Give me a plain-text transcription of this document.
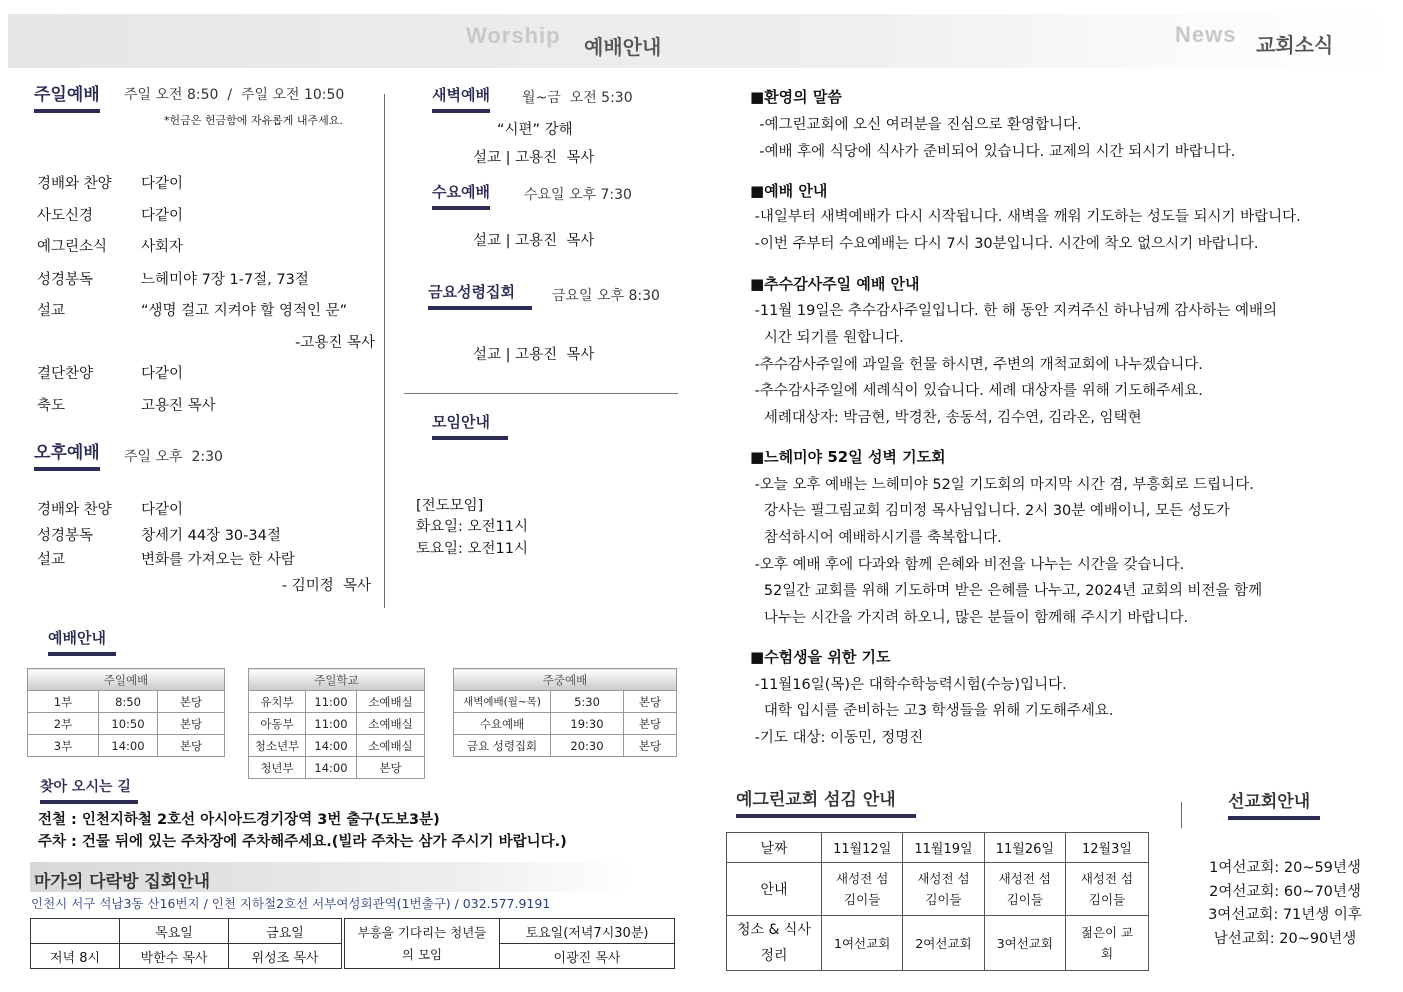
Worship 예배안내	News 교회소식
주일예배 주일 오전 8:50  /  주일 오전 10:50
*헌금은 헌금함에 자유롭게 내주세요.
경배와 찬양 다같이
사도신경	다같이
예그린소식 사회자
성경봉독	느헤미야 7장 1-7절, 73절
설교	“생명 걸고 지켜야 할 영적인 문”
-고용진 목사
결단찬양	다같이
축도	고용진 목사
오후예배 주일 오후  2:30
경배와 찬양 다같이
성경봉독	창세기 44장 30-34절
설교	변화를 가져오는 한 사람
- 김미정  목사
새벽예배 월~금  오전 5:30
“시편” 강해
설교 | 고용진  목사
수요예배 수요일 오후 7:30
설교 | 고용진  목사
금요성령집회	금요일 오후 8:30
설교 | 고용진  목사
모임안내
[전도모임]
화요일: 오전11시
토요일: 오전11시
예배안내
주일예배		
1부	8:50	본당
2부	10:50	본당
3부	14:00	본당
주일학교		
유치부	11:00	소예배실
아동부	11:00	소예배실
청소년부	14:00	소예배실
청년부	14:00	본당
주중예배		
새벽예배(월~목)	5:30	본당
수요예배	19:30	본당
금요 성령집회	20:30	본당
찾아 오시는 길
전철 : 인천지하철 2호선 아시아드경기장역 3번 출구(도보3분)
주차 : 건물 뒤에 있는 주차장에 주차해주세요.(빌라 주차는 삼가 주시기 바랍니다.)
마가의 다락방 집회안내
인천시 서구 석남3동 산16번지 / 인천 지하철2호선 서부여성회관역(1번출구) / 032.577.9191
	목요일	금요일	부흥을 기다리는 청년들의 모임	토요일(저녁7시30분)
저녁 8시	박한수 목사	위성조 목사		이광진 목사
■환영의 말씀
-예그린교회에 오신 여러분을 진심으로 환영합니다.
-예배 후에 식당에 식사가 준비되어 있습니다. 교제의 시간 되시기 바랍니다.
■예배 안내
-내일부터 새벽예배가 다시 시작됩니다. 새벽을 깨워 기도하는 성도들 되시기 바랍니다.
-이번 주부터 수요예배는 다시 7시 30분입니다. 시간에 착오 없으시기 바랍니다.
■추수감사주일 예배 안내
-11월 19일은 추수감사주일입니다. 한 해 동안 지켜주신 하나님께 감사하는 예배의
시간 되기를 원합니다.
-추수감사주일에 과일을 헌물 하시면, 주변의 개척교회에 나누겠습니다.
-추수감사주일에 세례식이 있습니다. 세례 대상자를 위해 기도해주세요.
세례대상자: 박금현, 박경찬, 송동석, 김수연, 김라온, 임택현
■느헤미야 52일 성벽 기도회
-오늘 오후 예배는 느헤미야 52일 기도회의 마지막 시간 겸, 부흥회로 드립니다.
강사는 필그림교회 김미정 목사님입니다. 2시 30분 예배이니, 모든 성도가
참석하시어 예배하시기를 축복합니다.
-오후 예배 후에 다과와 함께 은혜와 비전을 나누는 시간을 갖습니다.
52일간 교회를 위해 기도하며 받은 은혜를 나누고, 2024년 교회의 비전을 함께
나누는 시간을 가지려 하오니, 많은 분들이 함께해 주시기 바랍니다.
■수험생을 위한 기도
-11월16일(목)은 대학수학능력시험(수능)입니다.
대학 입시를 준비하는 고3 학생들을 위해 기도해주세요.
-기도 대상: 이동민, 정명진
예그린교회 섬김 안내
날짜	11월12일	11월19일	11월26일	12월3일
안내	새성전 섬김이들	새성전 섬김이들	새성전 섬김이들	새성전 섬김이들
청소 & 식사정리	1여선교회	2여선교회	3여선교회	젊은이 교회
선교회안내
1여선교회: 20~59년생
2여선교회: 60~70년생
3여선교회: 71년생 이후
남선교회: 20~90년생
